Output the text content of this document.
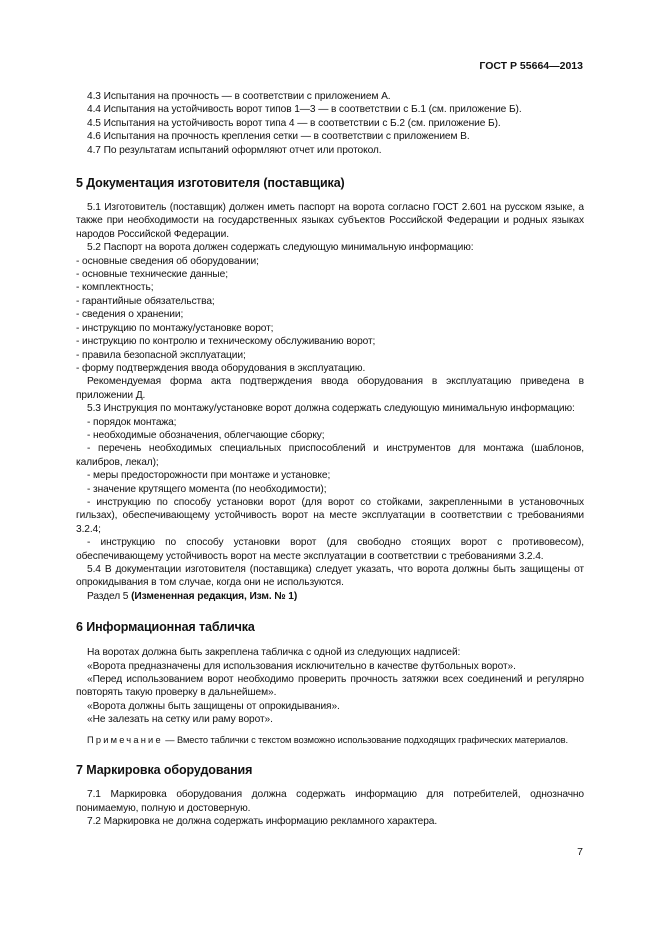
ГОСТ Р 55664—2013

4.3 Испытания на прочность — в соответствии с приложением А.

4.4 Испытания на устойчивость ворот типов 1—3 — в соответствии с Б.1 (см. приложение Б).

4.5 Испытания на устойчивость ворот типа 4 — в соответствии с Б.2 (см. приложение Б).

4.6 Испытания на прочность крепления сетки — в соответствии с приложением В.

4.7 По результатам испытаний оформляют отчет или протокол.

5 Документация изготовителя (поставщика)

5.1 Изготовитель (поставщик) должен иметь паспорт на ворота согласно ГОСТ 2.601 на русском языке, а также при необходимости на государственных языках субъектов Российской Федерации и родных языках народов Российской Федерации.

5.2 Паспорт на ворота должен содержать следующую минимальную информацию:

- основные сведения об оборудовании;
- основные технические данные;
- комплектность;
- гарантийные обязательства;
- сведения о хранении;
- инструкцию по монтажу/установке ворот;
- инструкцию по контролю и техническому обслуживанию ворот;
- правила безопасной эксплуатации;
- форму подтверждения ввода оборудования в эксплуатацию.

Рекомендуемая форма акта подтверждения ввода оборудования в эксплуатацию приведена в приложении Д.

5.3 Инструкция по монтажу/установке ворот должна содержать следующую минимальную информацию:

- порядок монтажа;

- необходимые обозначения, облегчающие сборку;

- перечень необходимых специальных приспособлений и инструментов для монтажа (шаблонов, калибров, лекал);

- меры предосторожности при монтаже и установке;

- значение крутящего момента (по необходимости);

- инструкцию по способу установки ворот (для ворот со стойками, закрепленными в установочных гильзах), обеспечивающему устойчивость ворот на месте эксплуатации в соответствии с требованиями 3.2.4;

- инструкцию по способу установки ворот (для свободно стоящих ворот с противовесом), обеспечивающему устойчивость ворот на месте эксплуатации в соответствии с требованиями 3.2.4.

5.4 В документации изготовителя (поставщика) следует указать, что ворота должны быть защищены от опрокидывания в том случае, когда они не используются.

Раздел 5 (Измененная редакция, Изм. № 1)

6 Информационная табличка

На воротах должна быть закреплена табличка с одной из следующих надписей:

«Ворота предназначены для использования исключительно в качестве футбольных ворот».

«Перед использованием ворот необходимо проверить прочность затяжки всех соединений и регулярно повторять такую проверку в дальнейшем».

«Ворота должны быть защищены от опрокидывания».

«Не залезать на сетку или раму ворот».

Примечание — Вместо таблички с текстом возможно использование подходящих графических материалов.

7 Маркировка оборудования

7.1 Маркировка оборудования должна содержать информацию для потребителей, однозначно понимаемую, полную и достоверную.

7.2 Маркировка не должна содержать информацию рекламного характера.

7
